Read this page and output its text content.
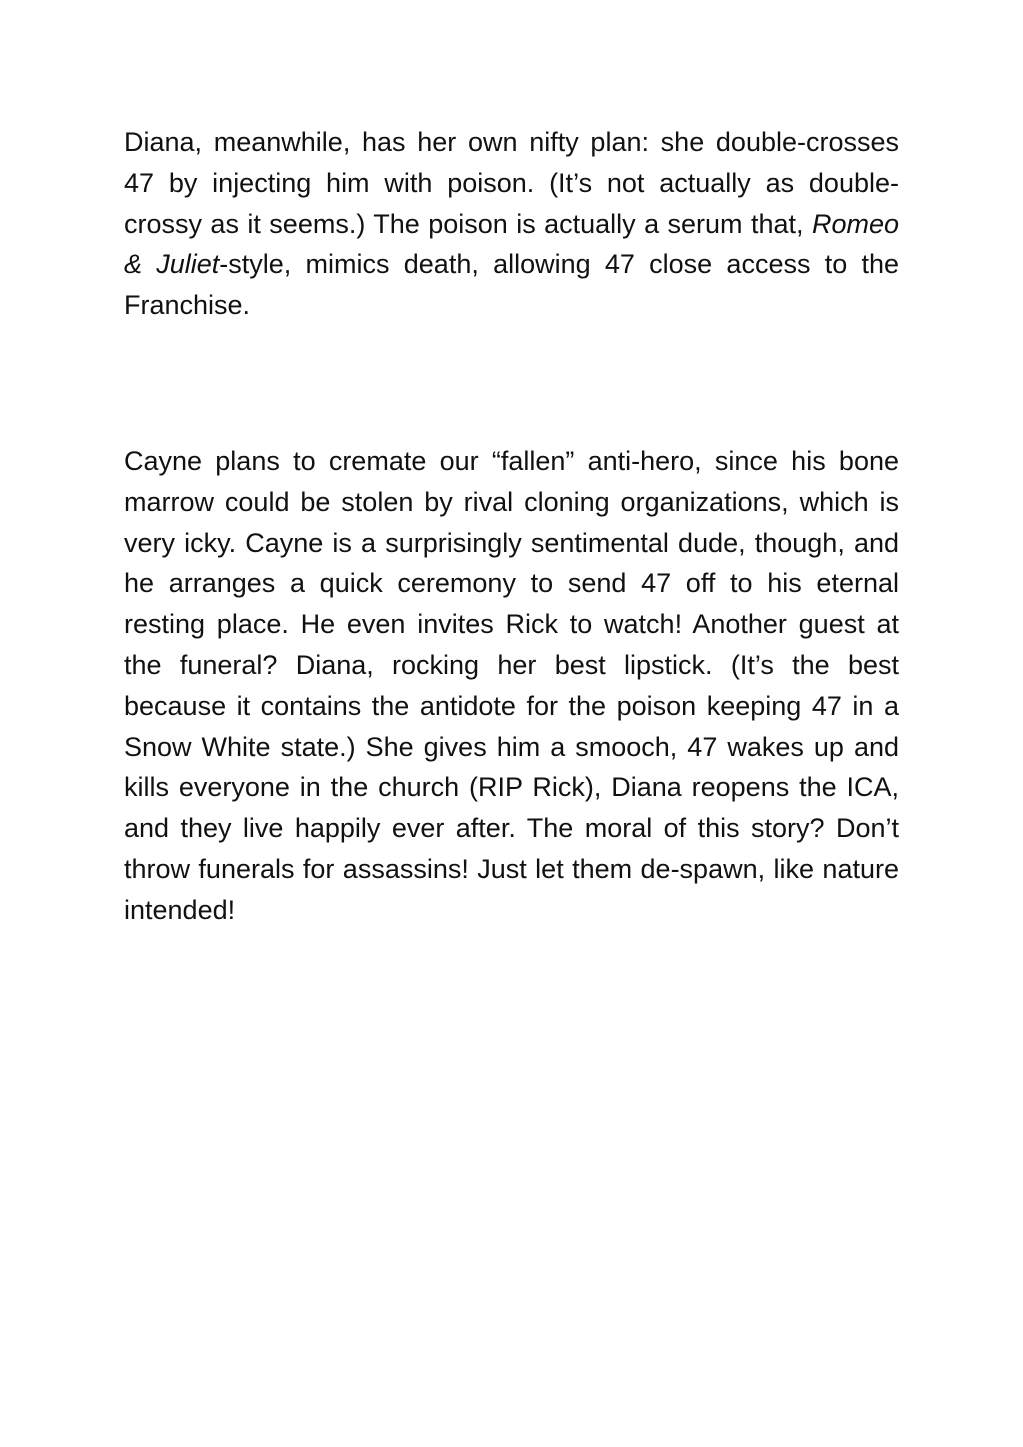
Diana, meanwhile, has her own nifty plan: she double-crosses 47 by injecting him with poison. (It’s not actually as double-crossy as it seems.) The poison is actually a serum that, Romeo & Juliet-style, mimics death, allowing 47 close access to the Franchise.

Cayne plans to cremate our “fallen” anti-hero, since his bone marrow could be stolen by rival cloning organizations, which is very icky. Cayne is a surprisingly sentimental dude, though, and he arranges a quick ceremony to send 47 off to his eternal resting place. He even invites Rick to watch! Another guest at the funeral? Diana, rocking her best lipstick. (It’s the best because it contains the antidote for the poison keeping 47 in a Snow White state.) She gives him a smooch, 47 wakes up and kills everyone in the church (RIP Rick), Diana reopens the ICA, and they live happily ever after. The moral of this story? Don’t throw funerals for assassins! Just let them de-spawn, like nature intended!
